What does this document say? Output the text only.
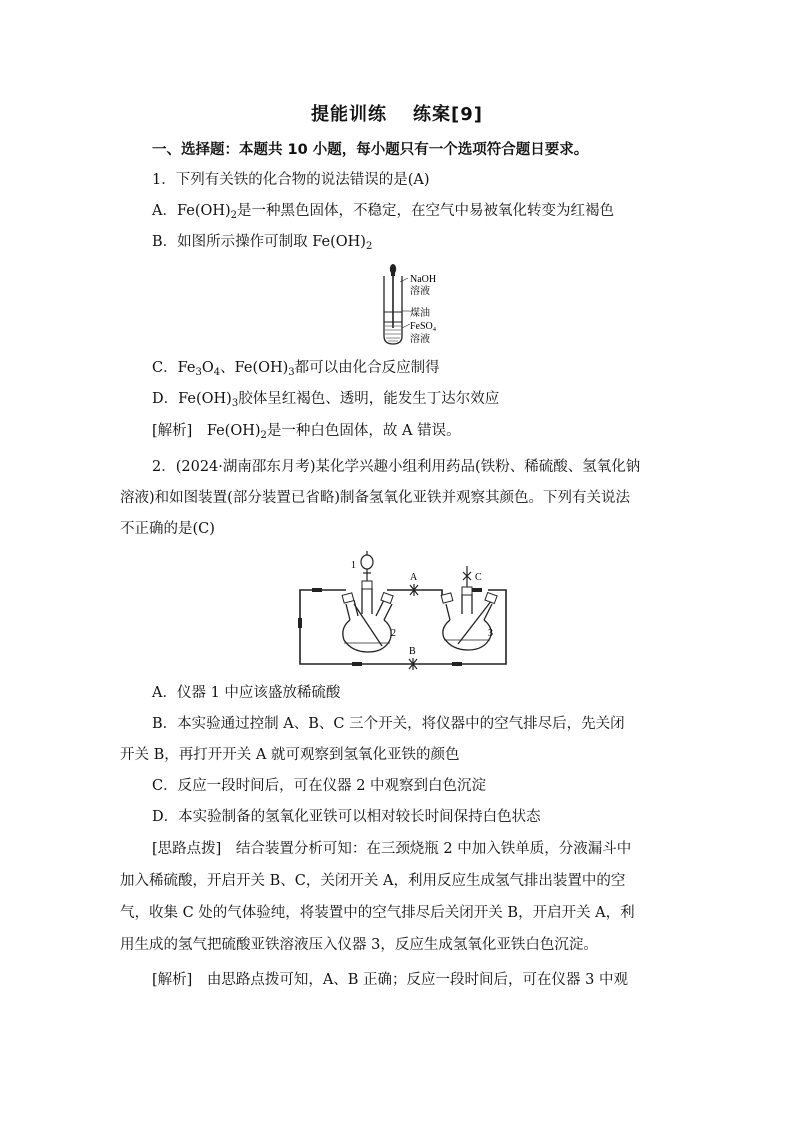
提能训练 练案[9]
一、选择题：本题共 10 小题，每小题只有一个选项符合题日要求。
1．下列有关铁的化合物的说法错误的是(A)
A．$Fe(OH)_2$是一种黑色固体，不稳定，在空气中易被氧化转变为红褐色
B．如图所示操作可制取 $Fe(OH)_2$
NaOH
溶液
煤油
FeSO$_4$
溶液
C．$Fe_3O_4$、$Fe(OH)_3$都可以由化合反应制得
D．$Fe(OH)_3$胶体呈红褐色、透明，能发生丁达尔效应
[解析]　$Fe(OH)_2$是一种白色固体，故 A 错误。
2．(2024·湖南邵东月考)某化学兴趣小组利用药品(铁粉、稀硫酸、氢氧化钠
溶液)和如图装置(部分装置已省略)制备氢氧化亚铁并观察其颜色。下列有关说法
不正确的是(C)
A
B
1
2
C
3
A．仪器 1 中应该盛放稀硫酸
B．本实验通过控制 A、B、C 三个开关，将仪器中的空气排尽后，先关闭
开关 B，再打开开关 A 就可观察到氢氧化亚铁的颜色
C．反应一段时间后，可在仪器 2 中观察到白色沉淀
D．本实验制备的氢氧化亚铁可以相对较长时间保持白色状态
[思路点拨]　结合装置分析可知：在三颈烧瓶 2 中加入铁单质，分液漏斗中
加入稀硫酸，开启开关 B、C，关闭开关 A，利用反应生成氢气排出装置中的空
气，收集 C 处的气体验纯，将装置中的空气排尽后关闭开关 B，开启开关 A，利
用生成的氢气把硫酸亚铁溶液压入仪器 3，反应生成氢氧化亚铁白色沉淀。
[解析]　由思路点拨可知，A、B 正确；反应一段时间后，可在仪器 3 中观
